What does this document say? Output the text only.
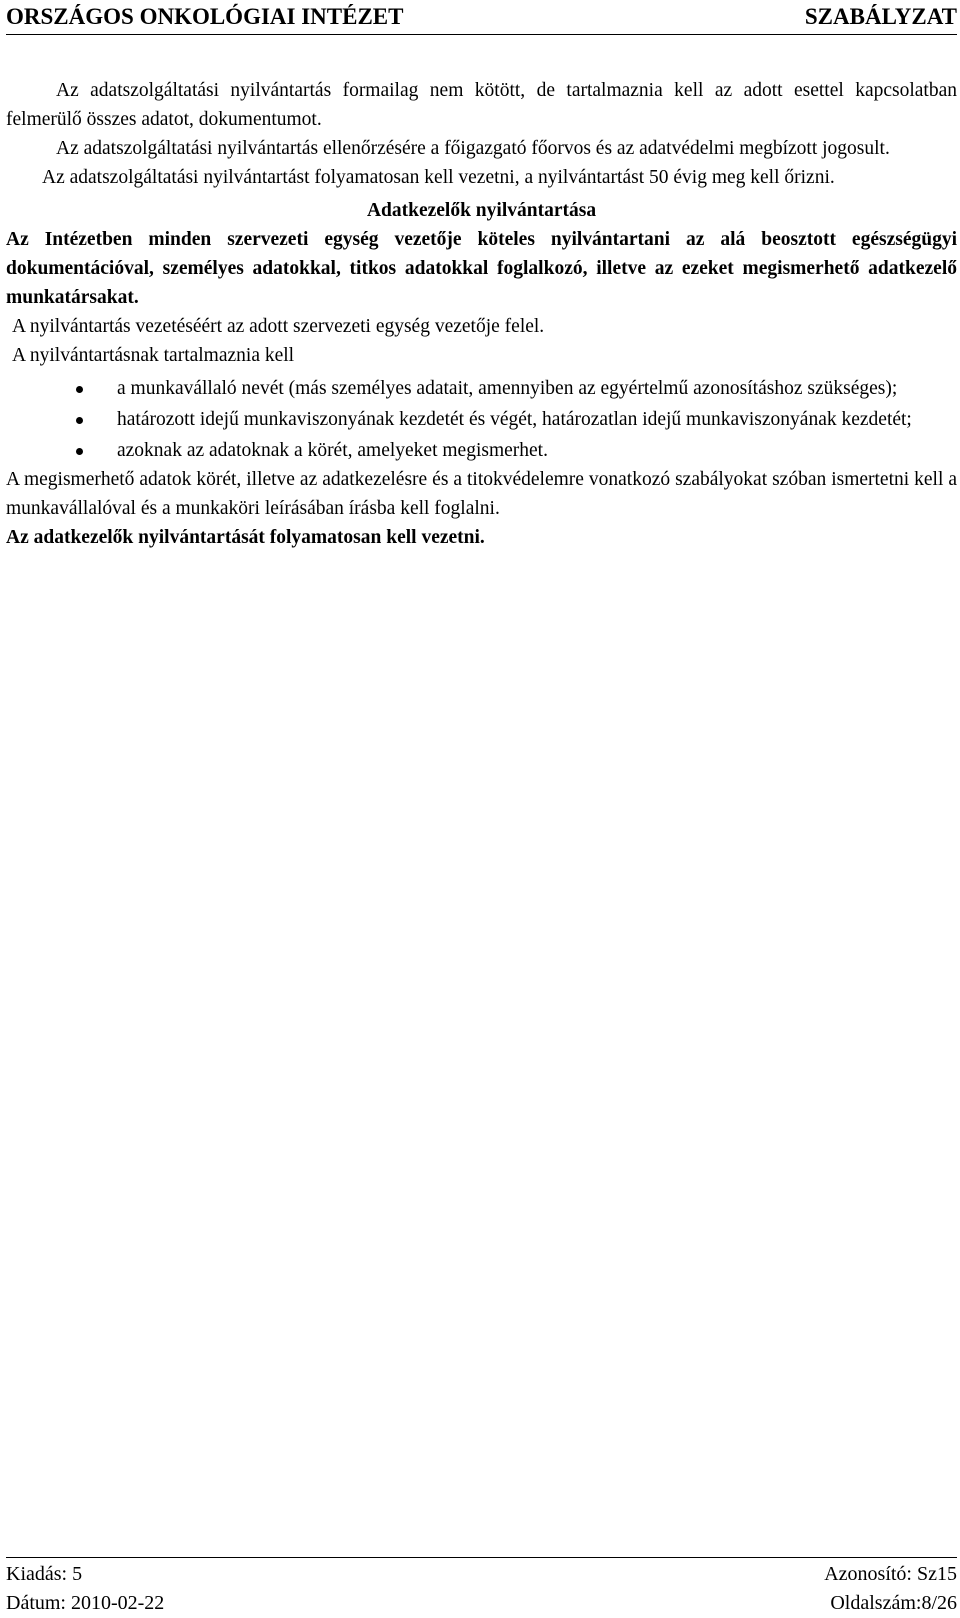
ORSZÁGOS ONKOLÓGIAI INTÉZET	SZABÁLYZAT

Az adatszolgáltatási nyilvántartás formailag nem kötött, de tartalmaznia kell az adott esettel kapcsolatban felmerülő összes adatot, dokumentumot.

Az adatszolgáltatási nyilvántartás ellenőrzésére a főigazgató főorvos és az adatvédelmi megbízott jogosult.

Az adatszolgáltatási nyilvántartást folyamatosan kell vezetni, a nyilvántartást 50 évig meg kell őrizni.

Adatkezelők nyilvántartása

Az Intézetben minden szervezeti egység vezetője köteles nyilvántartani az alá beosztott egészségügyi dokumentációval, személyes adatokkal, titkos adatokkal foglalkozó, illetve az ezeket megismerhető adatkezelő munkatársakat.

A nyilvántartás vezetéséért az adott szervezeti egység vezetője felel.

A nyilvántartásnak tartalmaznia kell

a munkavállaló nevét (más személyes adatait, amennyiben az egyértelmű azonosításhoz szükséges);
határozott idejű munkaviszonyának kezdetét és végét, határozatlan idejű munkaviszonyának kezdetét;
azoknak az adatoknak a körét, amelyeket megismerhet.

A megismerhető adatok körét, illetve az adatkezelésre és a titokvédelemre vonatkozó szabályokat szóban ismertetni kell a munkavállalóval és a munkaköri leírásában írásba kell foglalni.

Az adatkezelők nyilvántartását folyamatosan kell vezetni.

Kiadás: 5
Dátum: 2010-02-22
Azonosító: Sz15
Oldalszám:8/26
